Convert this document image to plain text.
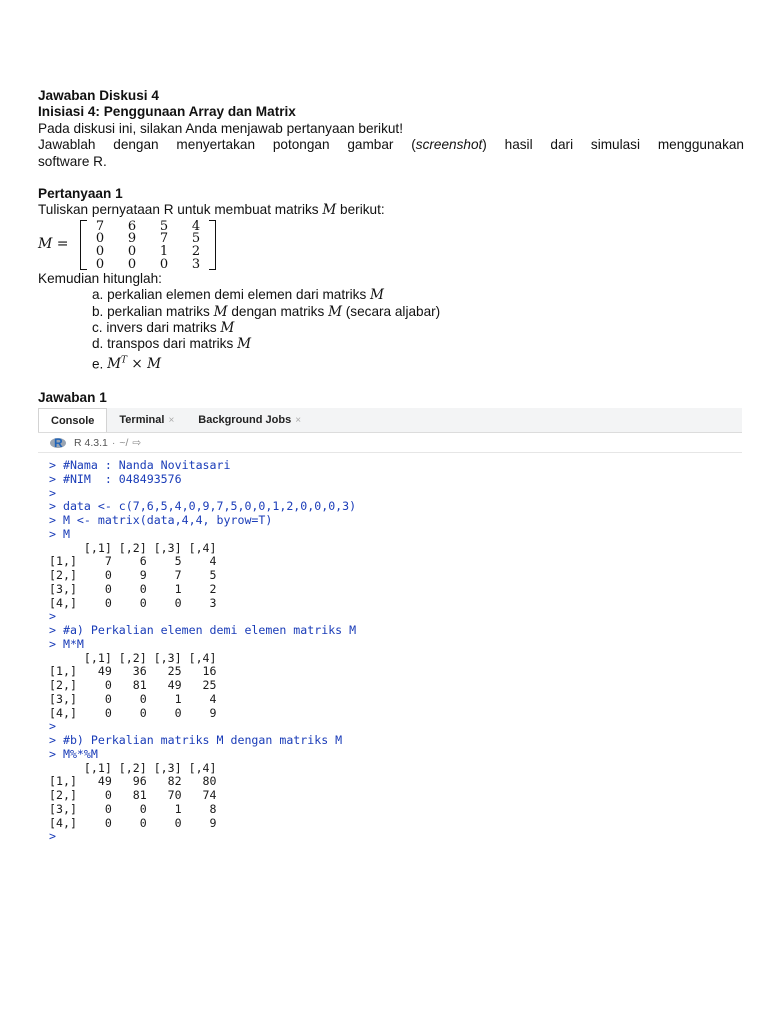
Jawaban Diskusi 4

Inisiasi 4: Penggunaan Array dan Matrix

Pada diskusi ini, silakan Anda menjawab pertanyaan berikut!

Jawablah dengan menyertakan potongan gambar (screenshot) hasil dari simulasi menggunakan

software R.

Pertanyaan 1

Tuliskan pernyataan R untuk membuat matriks M berikut:

M =
7	6	5	4
0	9	7	5
0	0	1	2
0	0	0	3

Kemudian hitunglah:

a. perkalian elemen demi elemen dari matriks M
b. perkalian matriks M dengan matriks M (secara aljabar)
c. invers dari matriks M
d. transpos dari matriks M
e. $M^T \times M$

Jawaban 1

Console Terminal × Background Jobs ×
R R 4.3.1 · ~/ ⇨
> #Nama : Nanda Novitasari
> #NIM  : 048493576
>
> data <- c(7,6,5,4,0,9,7,5,0,0,1,2,0,0,0,3)
> M <- matrix(data,4,4, byrow=T)
> M
[,1] [,2] [,3] [,4]
[1,]    7    6    5    4
[2,]    0    9    7    5
[3,]    0    0    1    2
[4,]    0    0    0    3
>
> #a) Perkalian elemen demi elemen matriks M
> M*M
[,1] [,2] [,3] [,4]
[1,]   49   36   25   16
[2,]    0   81   49   25
[3,]    0    0    1    4
[4,]    0    0    0    9
>
> #b) Perkalian matriks M dengan matriks M
> M%*%M
[,1] [,2] [,3] [,4]
[1,]   49   96   82   80
[2,]    0   81   70   74
[3,]    0    0    1    8
[4,]    0    0    0    9
>
